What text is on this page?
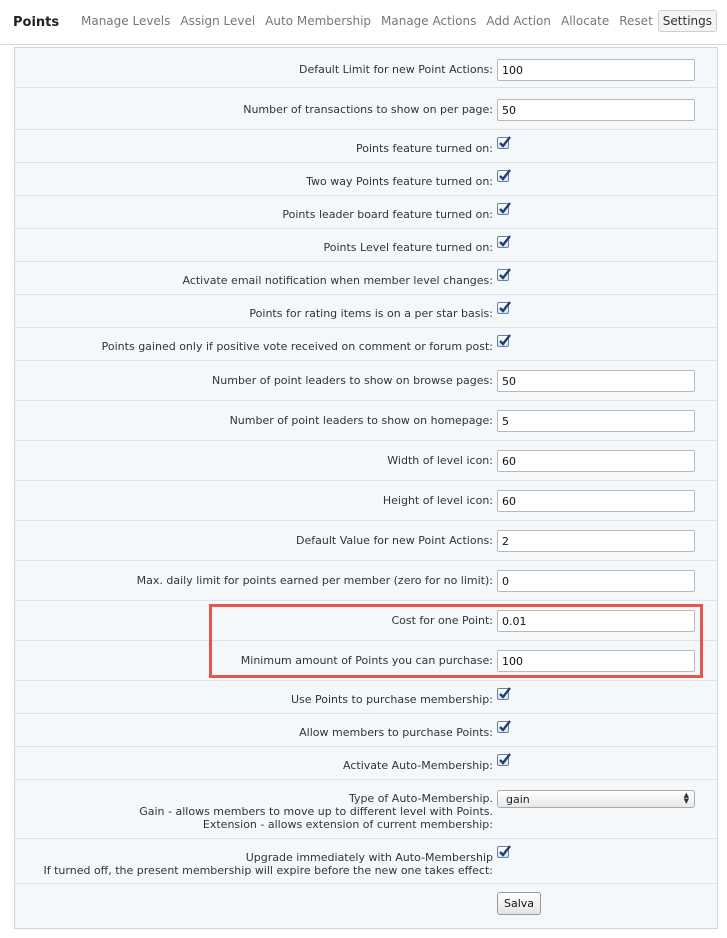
Points	Manage Levels Assign Level Auto Membership Manage Actions Add Action Allocate Reset Settings
Default Limit for new Point Actions:
100
Number of transactions to show on per page:
50
Points feature turned on:
Two way Points feature turned on:
Points leader board feature turned on:
Points Level feature turned on:
Activate email notification when member level changes:
Points for rating items is on a per star basis:
Points gained only if positive vote received on comment or forum post:
Number of point leaders to show on browse pages:
50
Number of point leaders to show on homepage:
5
Width of level icon:
60
Height of level icon:
60
Default Value for new Point Actions:
2
Max. daily limit for points earned per member (zero for no limit):
0
Cost for one Point:
0.01
Minimum amount of Points you can purchase:
100
Use Points to purchase membership:
Allow members to purchase Points:
Activate Auto-Membership:
Type of Auto-Membership.
Gain - allows members to move up to different level with Points.
Extension - allows extension of current membership:
gain	▲
▼
Upgrade immediately with Auto-Membership
If turned off, the present membership will expire before the new one takes effect:
Salva
